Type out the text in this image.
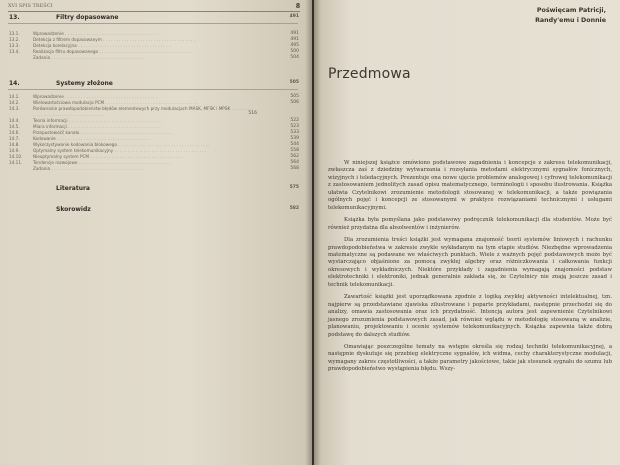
XVI SPIS TREŚCI	8
13.	Filtry dopasowane	491
13.1.	Wprowadzenie . . .	491
13.2.	Detekcja z filtrem dopasowanym . . .	491
13.3.	Detekcja korelacyjna . . .	495
13.4.	Realizacja filtru dopasowanego . . .	500
Zadania . . .	504
14.	Systemy złożone	505
14.1.	Wprowadzenie . . .	505
14.2.	Wielowartościowa modulacja PCM . . .	506
14.3.	Porównanie prawdopodobieństw błędów elementowych przy modulacjach MASK, MFSK i MPSK . . .
516
14.4.	Teoria informacji . . .	522
14.5.	Miara informacji . . .	523
14.6.	Przepustowość kanału . . .	533
14.7.	Kodowanie . . .	539
14.8.	Wykorzystywanie kodowania blokowego . . .	544
14.9.	Optymalny system telekomunikacyjny . . .	558
14.10.	Nieoptymalny system PCM . . .	562
14.11.	Tendencje rozwojowe . . .	564
Zadania . . .	568
Literatura	575
Skorowidz	582
Poświęcam Patricji,
Randy'emu i Donnie
Przedmowa

W niniejszej książce omówiono podstawowe zagadnienia i koncepcje z zakresu telekomunikacji, zwłaszcza zaś z dziedziny wytwarzania i rozsyłania metodami elektrycznymi sygnałów fonicznych, wizyjnych i teledacyjnych. Prezentuje ona nowe ujęcie problemów analogowej i cyfrowej telekomunikacji z zastosowaniem jednolitych zasad opisu matematycznego, terminologii i sposobu ilustrowania. Książka ułatwia Czytelnikowi zrozumienie metodologii stosowanej w telekomunikacji, a także powiązania ogólnych pojęć i koncepcji ze stosowanymi w praktyce rozwiązaniami technicznymi i usługami telekomunikacyjnymi.

Książka była pomyślana jako podstawowy podręcznik telekomunikacji dla studentów. Może być również przydatna dla absolwentów i inżynierów.

Dla zrozumienia treści książki jest wymagana znajomość teorii systemów liniowych i rachunku prawdopodobieństwa w zakresie zwykle wykładanym na tym etapie studiów. Niezbędne wprowadzenia matematyczne są podawane we właściwych punktach. Wiele z ważnych pojęć podstawowych może być wystarczająco objaśnione za pomocą zwykłej algebry oraz różniczkowania i całkowania funkcji okresowych i wykładniczych. Niektóre przykłady i zagadnienia wymagają znajomości podstaw elektrotechniki i elektroniki, jednak generalnie zakłada się, że Czytelnicy nie znają jeszcze zasad i technik telekomunikacji.

Zawartość książki jest uporządkowana zgodnie z logiką zwykłej aktywności intelektualnej, tzn. najpierw są przedstawiane zjawiska zilustrowane i poparte przykładami, następnie przechodzi się do analizy, omawia zastosowania oraz ich przydatność. Intencją autora jest zapewnienie Czytelnikowi jasnego zrozumienia podstawowych zasad, jak również wglądu w metodologię stosowaną w analizie, planowaniu, projektowaniu i ocenie systemów telekomunikacyjnych. Książka zapewnia także dobrą podstawę do dalszych studiów.

Omawiając poszczególne tematy na wstępie określa się rodzaj techniki telekomunikacyjnej, a następnie dyskutuje się przebieg elektryczne sygnałów, ich widma, cechy charakterystyczne modulacji, wymagany zakres częstotliwości, a także parametry jakościowe, takie jak stosunek sygnału do szumu lub prawdopodobieństwo wystąpienia błędu. Wszy-
